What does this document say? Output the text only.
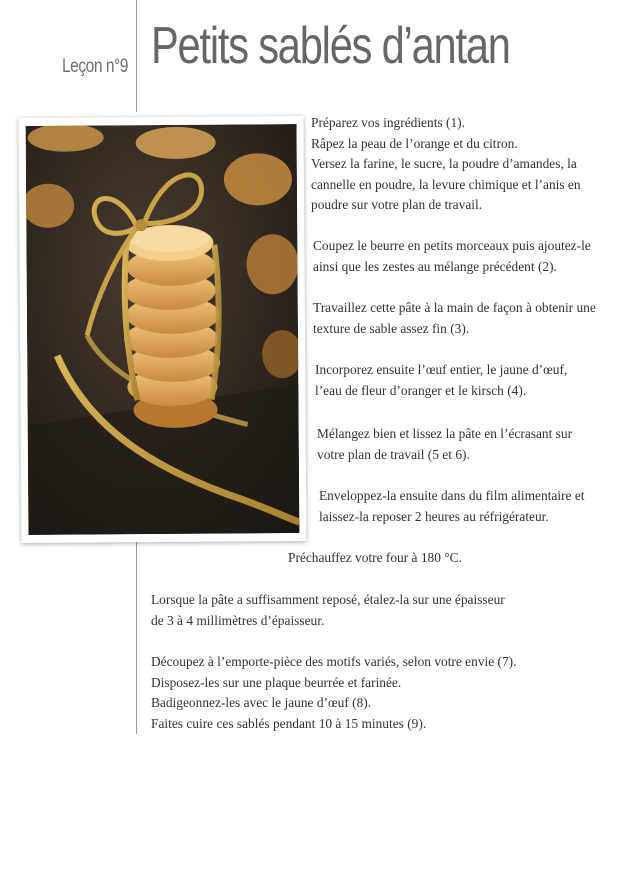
Leçon n°9 Petits sablés d’antan
Préparez vos ingrédients (1).
Râpez la peau de l’orange et du citron.
Versez la farine, le sucre, la poudre d’amandes, la
cannelle en poudre, la levure chimique et l’anis en
poudre sur votre plan de travail.
Coupez le beurre en petits morceaux puis ajoutez-le
ainsi que les zestes au mélange précédent (2).
Travaillez cette pâte à la main de façon à obtenir une
texture de sable assez fin (3).
Incorporez ensuite l’œuf entier, le jaune d’œuf,
l’eau de fleur d’oranger et le kirsch (4).
Mélangez bien et lissez la pâte en l’écrasant sur
votre plan de travail (5 et 6).
Enveloppez-la ensuite dans du film alimentaire et
laissez-la reposer 2 heures au réfrigérateur.
Préchauffez votre four à 180 °C.
Lorsque la pâte a suffisamment reposé, étalez-la sur une épaisseur
de 3 à 4 millimètres d’épaisseur.
Découpez à l’emporte-pièce des motifs variés, selon votre envie (7).
Disposez-les sur une plaque beurrée et farinée.
Badigeonnez-les avec le jaune d’œuf (8).
Faites cuire ces sablés pendant 10 à 15 minutes (9).
